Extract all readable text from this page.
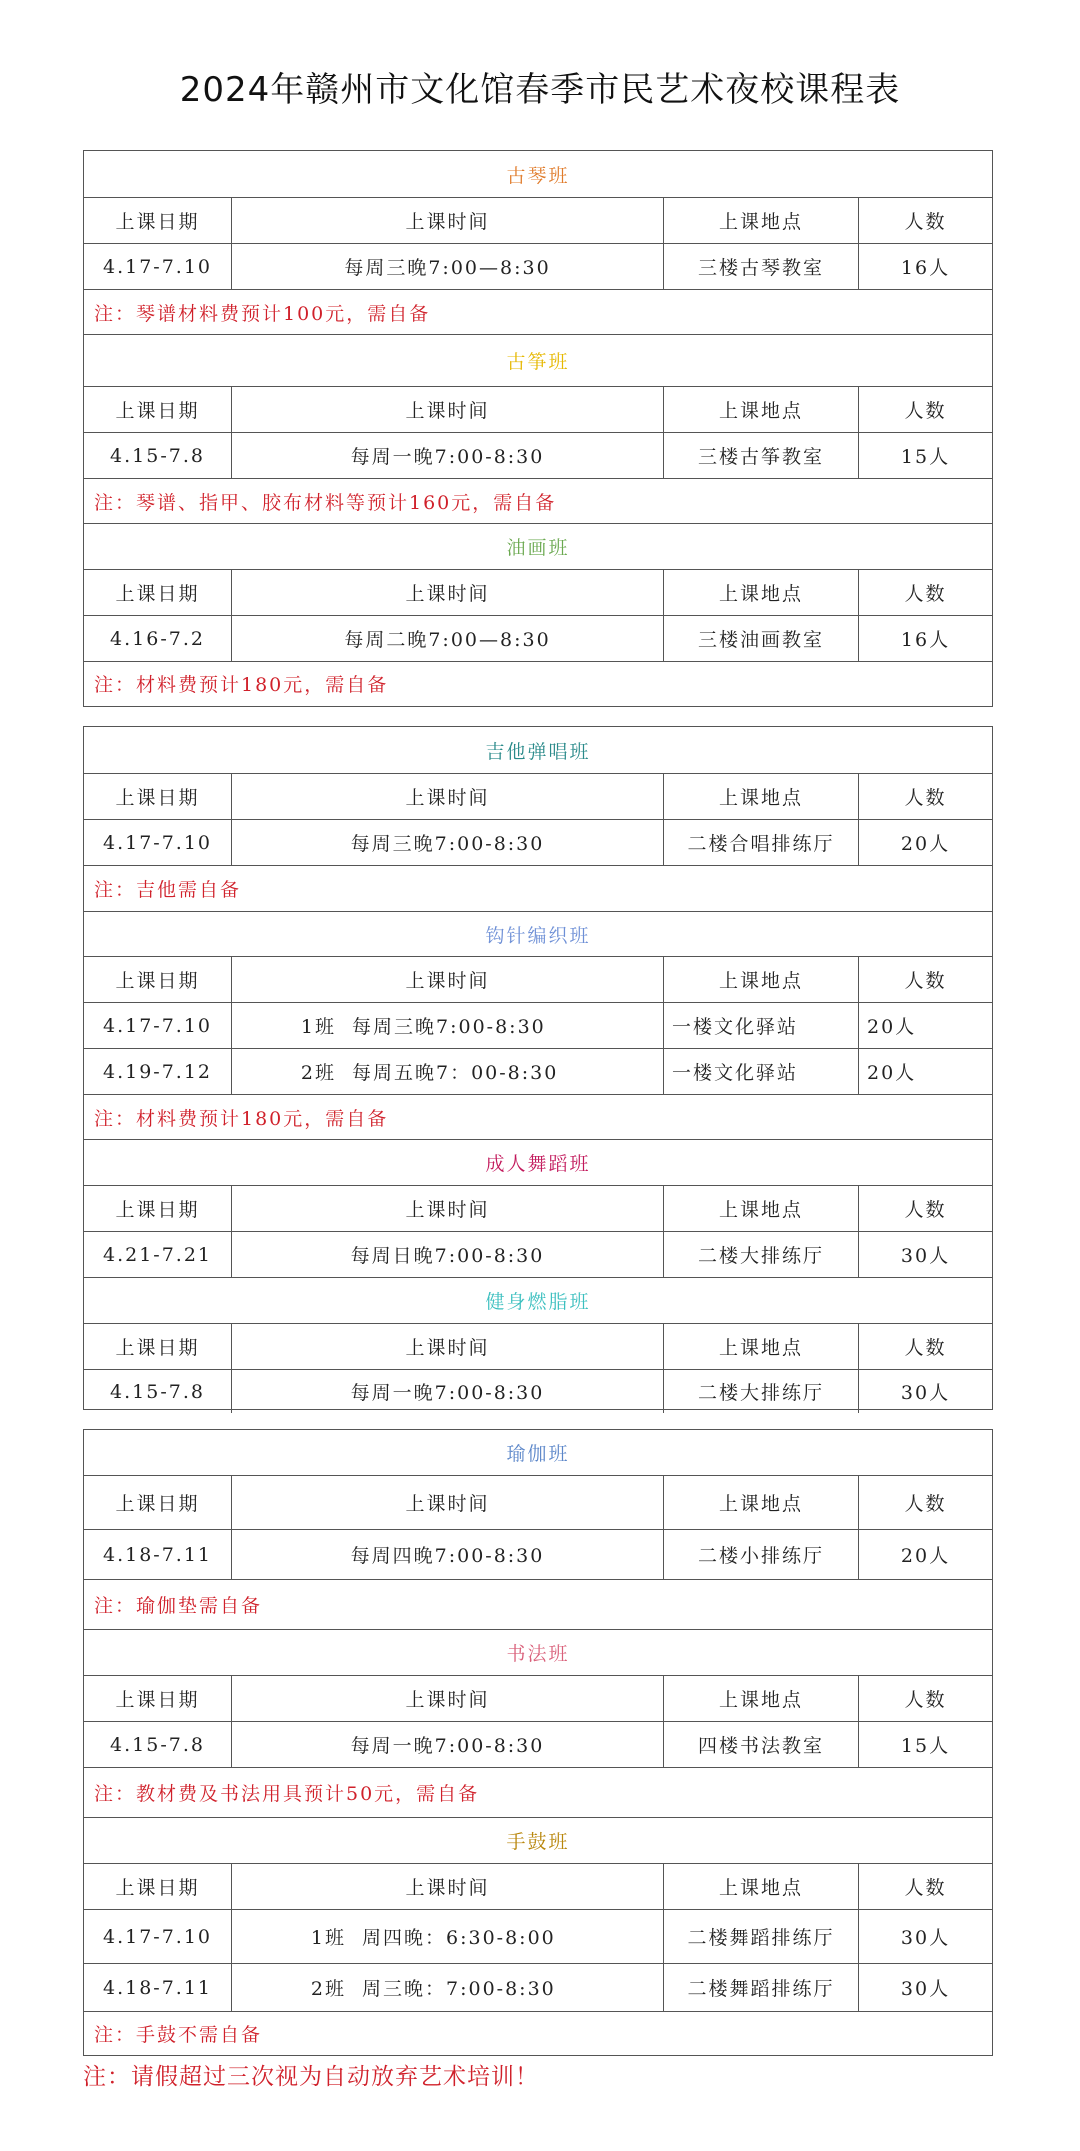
2024年赣州市文化馆春季市民艺术夜校课程表
古琴班
上课日期	上课时间	上课地点	人数
4.17-7.10	每周三晚7:00—8:30	三楼古琴教室	16人
注：琴谱材料费预计100元，需自备
古筝班
上课日期	上课时间	上课地点	人数
4.15-7.8	每周一晚7:00-8:30	三楼古筝教室	15人
注：琴谱、指甲、胶布材料等预计160元，需自备
油画班
上课日期	上课时间	上课地点	人数
4.16-7.2	每周二晚7:00—8:30	三楼油画教室	16人
注：材料费预计180元，需自备
吉他弹唱班
上课日期	上课时间	上课地点	人数
4.17-7.10	每周三晚7:00-8:30	二楼合唱排练厅	20人
注：吉他需自备
钩针编织班
上课日期	上课时间	上课地点	人数
4.17-7.10	1班 每周三晚7:00-8:30	一楼文化驿站	20人
4.19-7.12	2班 每周五晚7：00-8:30	一楼文化驿站	20人
注：材料费预计180元，需自备
成人舞蹈班
上课日期	上课时间	上课地点	人数
4.21-7.21	每周日晚7:00-8:30	二楼大排练厅	30人
健身燃脂班
上课日期	上课时间	上课地点	人数
4.15-7.8	每周一晚7:00-8:30	二楼大排练厅	30人
瑜伽班
上课日期	上课时间	上课地点	人数
4.18-7.11	每周四晚7:00-8:30	二楼小排练厅	20人
注：瑜伽垫需自备
书法班
上课日期	上课时间	上课地点	人数
4.15-7.8	每周一晚7:00-8:30	四楼书法教室	15人
注：教材费及书法用具预计50元，需自备
手鼓班
上课日期	上课时间	上课地点	人数
4.17-7.10	1班 周四晚：6:30-8:00	二楼舞蹈排练厅	30人
4.18-7.11	2班 周三晚：7:00-8:30	二楼舞蹈排练厅	30人
注：手鼓不需自备
注：请假超过三次视为自动放弃艺术培训！
